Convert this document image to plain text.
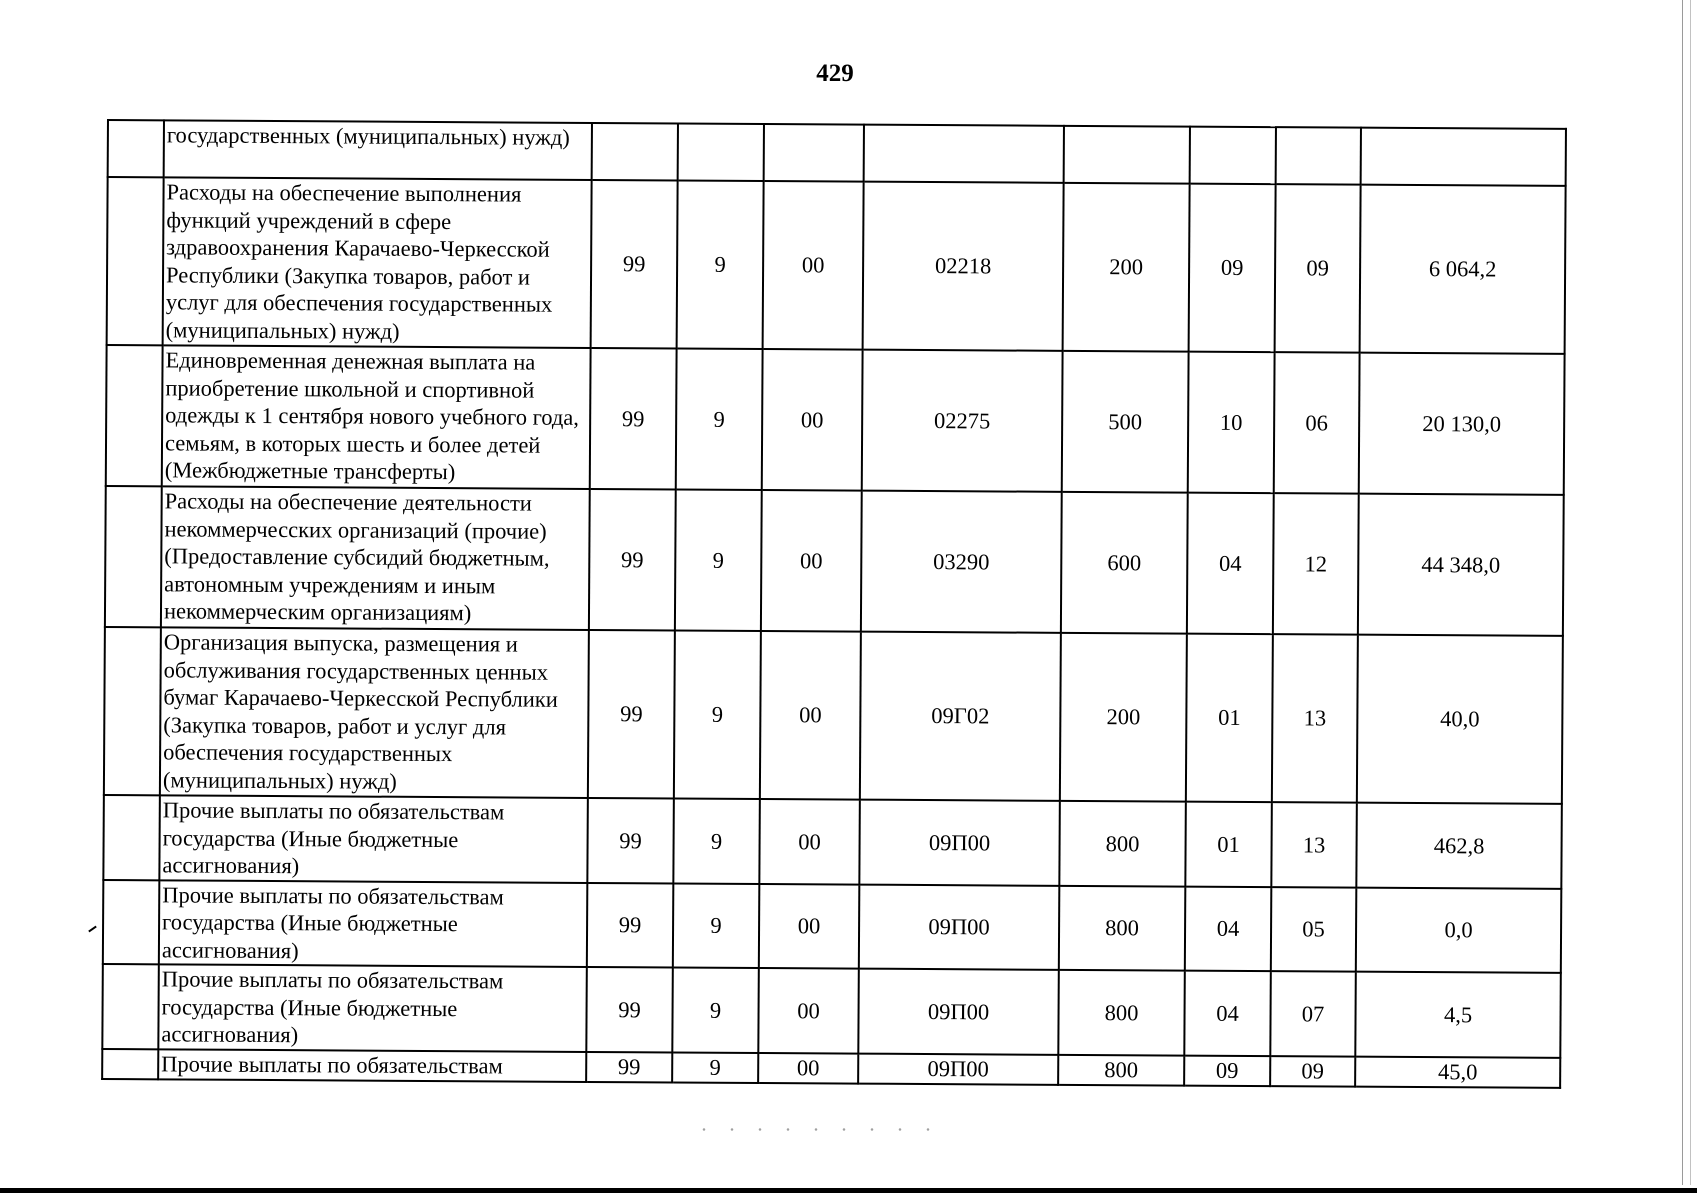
429
	государственных (муниципальных) нужд)								
	Расходы на обеспечение выполнения функций учреждений в сфере здравоохранения Карачаево-Черкесской Республики (Закупка товаров, работ и услуг для обеспечения государственных (муниципальных) нужд)	99	9	00	02218	200	09	09	6 064,2
	Единовременная денежная выплата на приобретение школьной и спортивной одежды к 1 сентября нового учебного года, семьям, в которых шесть и более детей (Межбюджетные трансферты)	99	9	00	02275	500	10	06	20 130,0
	Расходы на обеспечение деятельности некоммерчесских организаций (прочие) (Предоставление субсидий бюджетным, автономным учреждениям и иным некоммерческим организациям)	99	9	00	03290	600	04	12	44 348,0
	Организация выпуска, размещения и обслуживания государственных ценных бумаг Карачаево-Черкесской Республики (Закупка товаров, работ и услуг для обеспечения государственных (муниципальных) нужд)	99	9	00	09Г02	200	01	13	40,0
	Прочие выплаты по обязательствам государства (Иные бюджетные ассигнования)	99	9	00	09П00	800	01	13	462,8
	Прочие выплаты по обязательствам государства (Иные бюджетные ассигнования)	99	9	00	09П00	800	04	05	0,0
	Прочие выплаты по обязательствам государства (Иные бюджетные ассигнования)	99	9	00	09П00	800	04	07	4,5
	Прочие выплаты по обязательствам	99	9	00	09П00	800	09	09	45,0
